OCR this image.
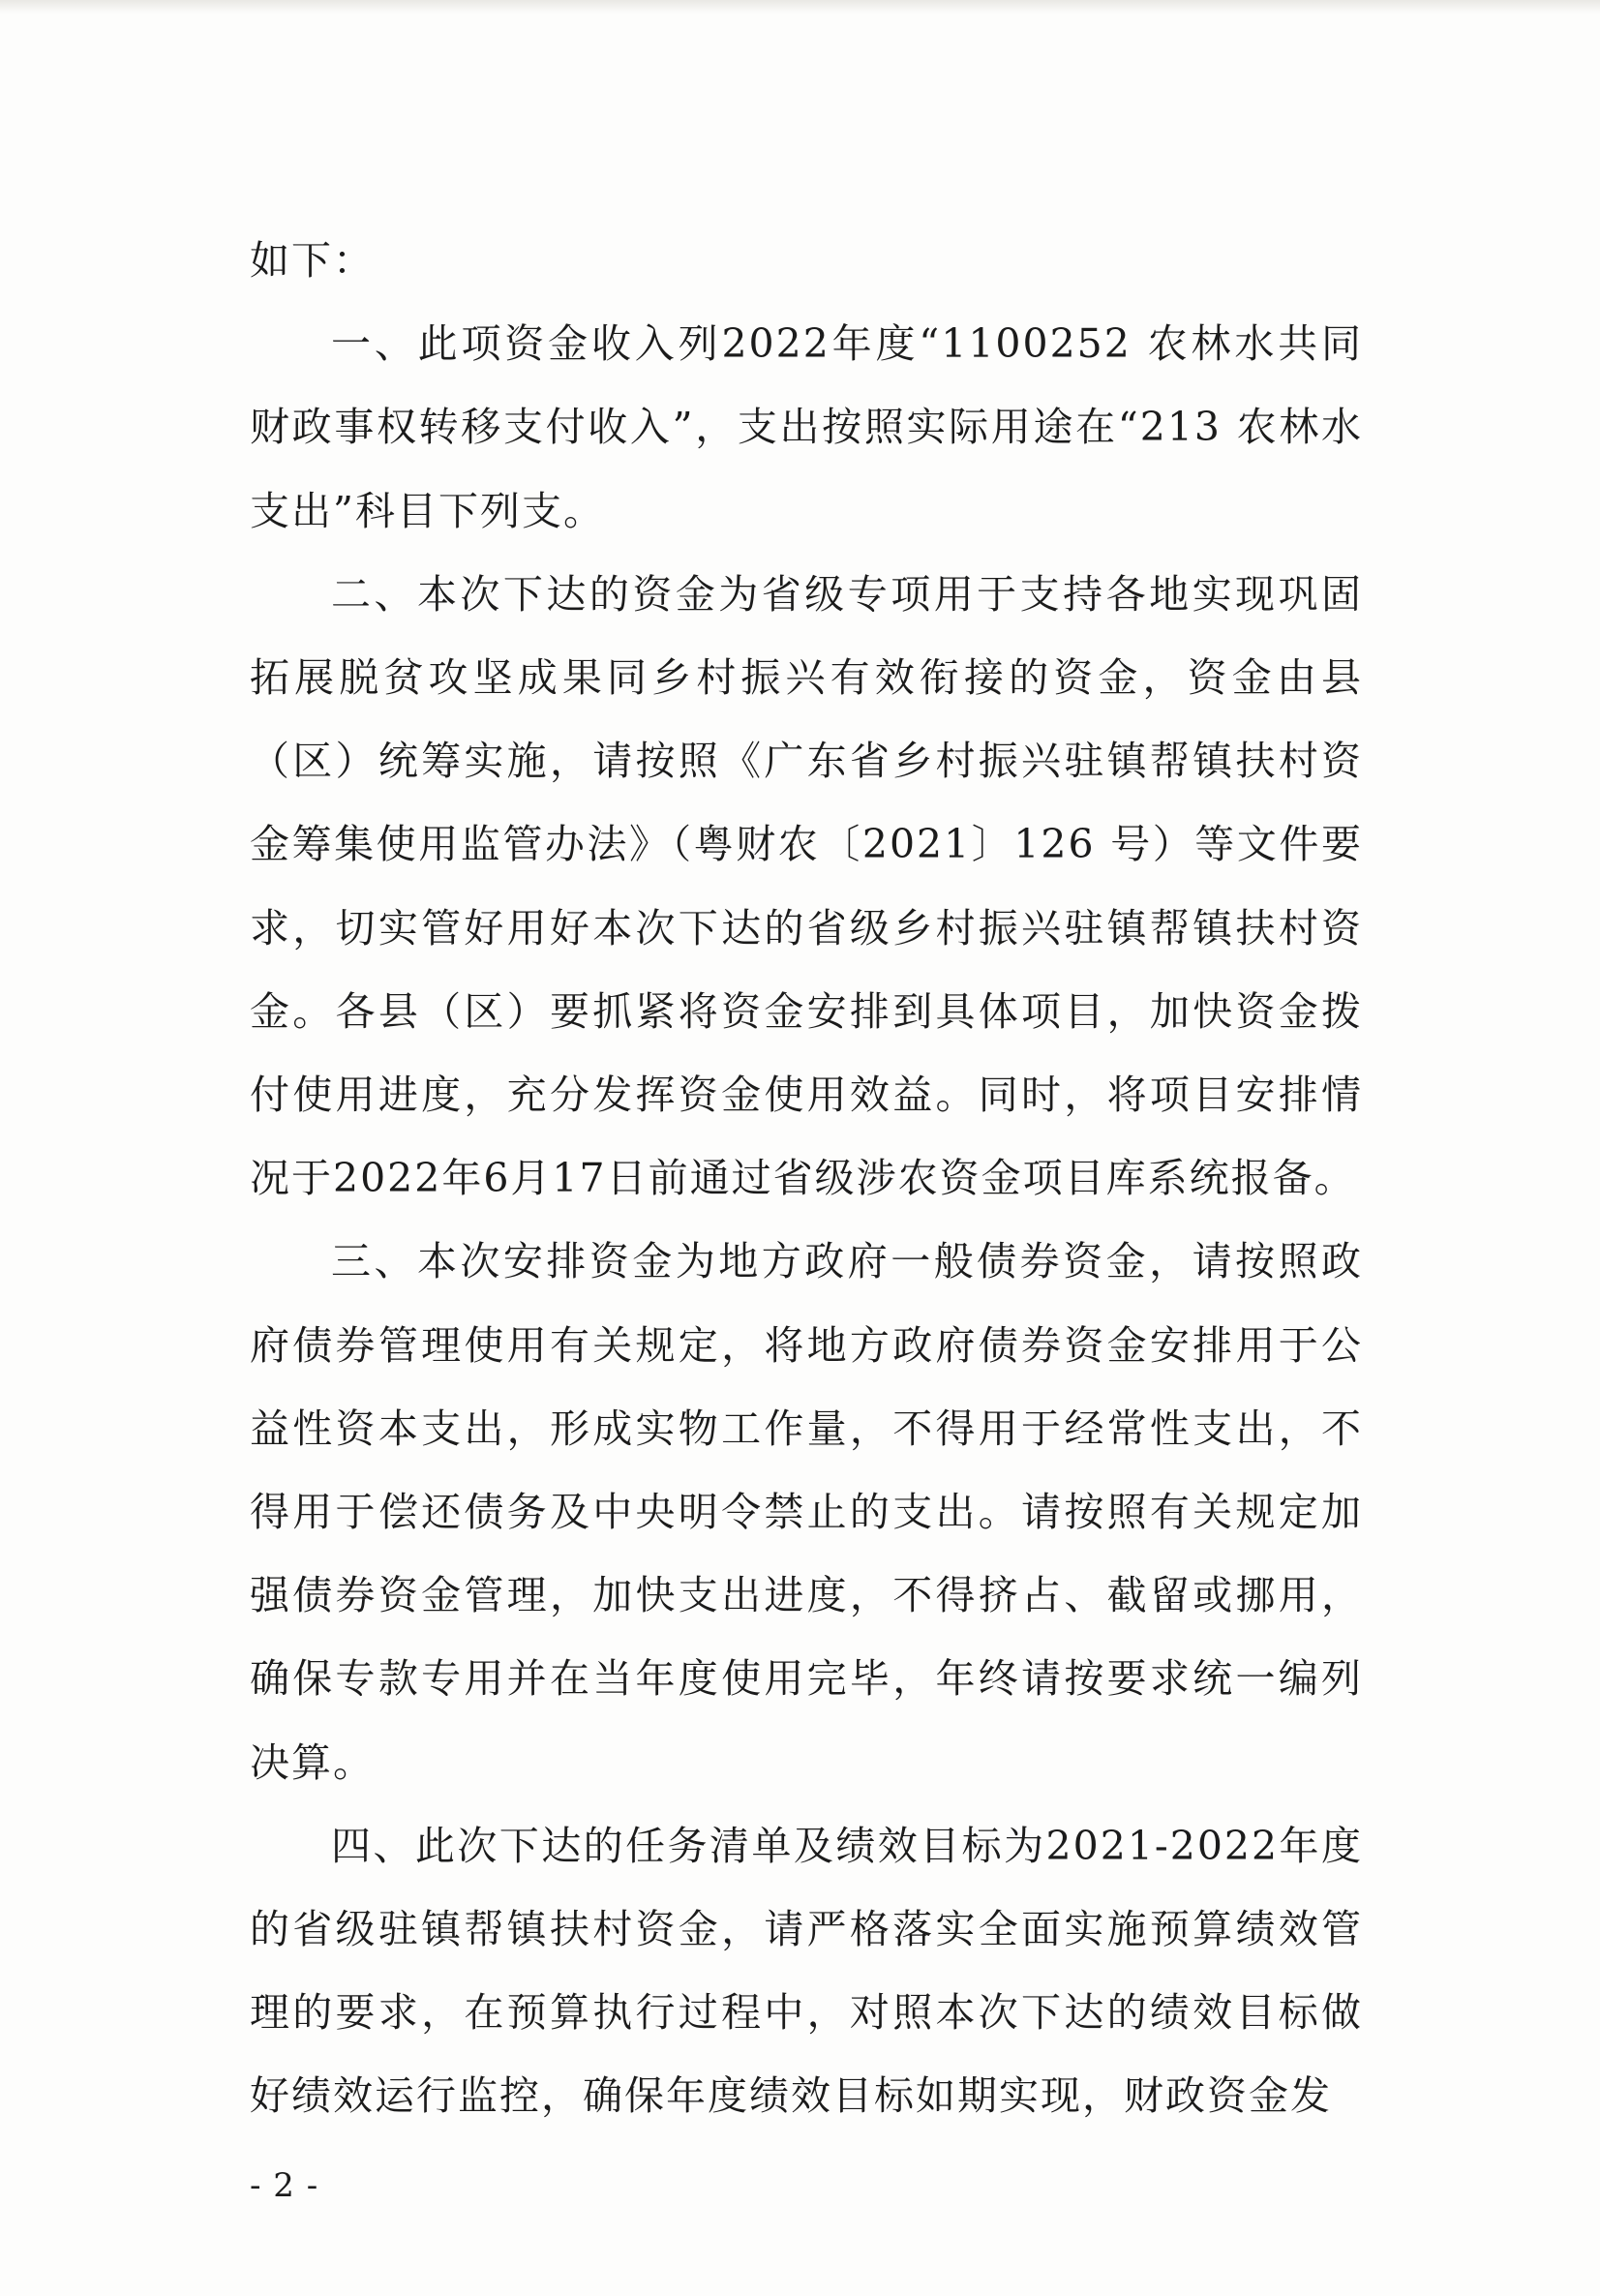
如下：

一、此项资金收入列2022年度“1100252 农林水共同财政事权转移支付收入”，支出按照实际用途在“213 农林水支出”科目下列支。

二、本次下达的资金为省级专项用于支持各地实现巩固拓展脱贫攻坚成果同乡村振兴有效衔接的资金，资金由县（区）统筹实施，请按照《广东省乡村振兴驻镇帮镇扶村资金筹集使用监管办法》（粤财农〔2021〕126 号）等文件要求，切实管好用好本次下达的省级乡村振兴驻镇帮镇扶村资金。各县（区）要抓紧将资金安排到具体项目，加快资金拨付使用进度，充分发挥资金使用效益。同时，将项目安排情况于2022年6月17日前通过省级涉农资金项目库系统报备。

三、本次安排资金为地方政府一般债券资金，请按照政府债券管理使用有关规定，将地方政府债券资金安排用于公益性资本支出，形成实物工作量，不得用于经常性支出，不得用于偿还债务及中央明令禁止的支出。请按照有关规定加强债券资金管理，加快支出进度，不得挤占、截留或挪用，确保专款专用并在当年度使用完毕，年终请按要求统一编列决算。

四、此次下达的任务清单及绩效目标为2021-2022年度的省级驻镇帮镇扶村资金，请严格落实全面实施预算绩效管理的要求，在预算执行过程中，对照本次下达的绩效目标做好绩效运行监控，确保年度绩效目标如期实现，财政资金发

- 2 -
